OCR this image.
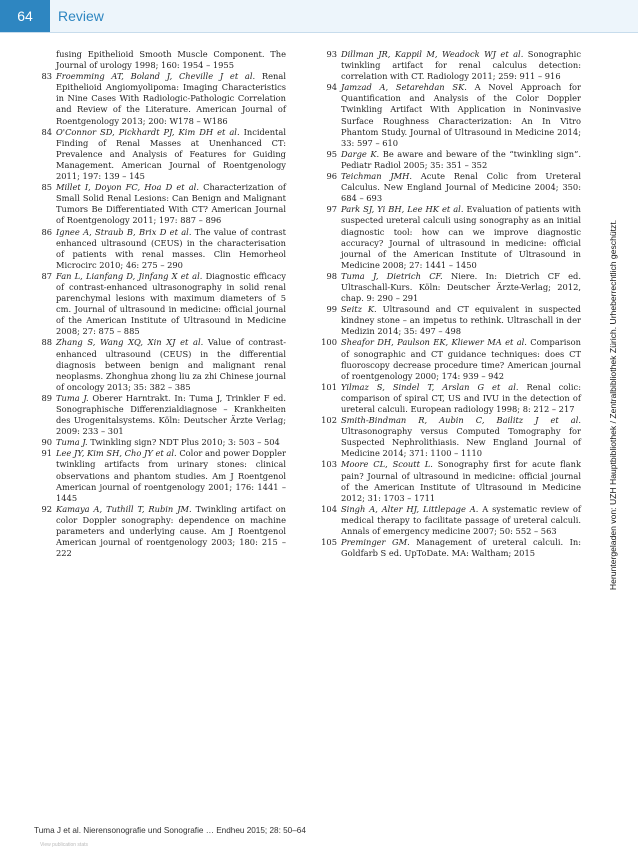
64	Review

fusing Epithelioid Smooth Muscle Component. The Journal of urology 1998; 160: 1954 – 1955

83 Froemming AT, Boland J, Cheville J et al. Renal Epithelioid Angiomyolipoma: Imaging Characteristics in Nine Cases With Radiologic-Pathologic Correlation and Review of the Literature. American Journal of Roentgenology 2013; 200: W178 – W186

84 O'Connor SD, Pickhardt PJ, Kim DH et al. Incidental Finding of Renal Masses at Unenhanced CT: Prevalence and Analysis of Features for Guiding Management. American Journal of Roentgenology 2011; 197: 139 – 145

85 Millet I, Doyon FC, Hoa D et al. Characterization of Small Solid Renal Lesions: Can Benign and Malignant Tumors Be Differentiated With CT? American Journal of Roentgenology 2011; 197: 887 – 896

86 Ignee A, Straub B, Brix D et al. The value of contrast enhanced ultrasound (CEUS) in the characterisation of patients with renal masses. Clin Hemorheol Microcirc 2010; 46: 275 – 290

87 Fan L, Lianfang D, Jinfang X et al. Diagnostic efficacy of contrast-enhanced ultrasonography in solid renal parenchymal lesions with maximum diameters of 5 cm. Journal of ultrasound in medicine: official journal of the American Institute of Ultrasound in Medicine 2008; 27: 875 – 885

88 Zhang S, Wang XQ, Xin XJ et al. Value of contrast-enhanced ultrasound (CEUS) in the differential diagnosis between benign and malignant renal neoplasms. Zhonghua zhong liu za zhi Chinese journal of oncology 2013; 35: 382 – 385

89 Tuma J. Oberer Harntrakt. In: Tuma J, Trinkler F ed. Sonographische Differenzialdiagnose – Krankheiten des Urogenitalsystems. Köln: Deutscher Ärzte Verlag; 2009: 233 – 301

90 Tuma J. Twinkling sign? NDT Plus 2010; 3: 503 – 504

91 Lee JY, Kim SH, Cho JY et al. Color and power Doppler twinkling artifacts from urinary stones: clinical observations and phantom studies. Am J Roentgenol American journal of roentgenology 2001; 176: 1441 – 1445

92 Kamaya A, Tuthill T, Rubin JM. Twinkling artifact on color Doppler sonography: dependence on machine parameters and underlying cause. Am J Roentgenol American journal of roentgenology 2003; 180: 215 – 222

93 Dillman JR, Kappil M, Weadock WJ et al. Sonographic twinkling artifact for renal calculus detection: correlation with CT. Radiology 2011; 259: 911 – 916

94 Jamzad A, Setarehdan SK. A Novel Approach for Quantification and Analysis of the Color Doppler Twinkling Artifact With Application in Noninvasive Surface Roughness Characterization: An In Vitro Phantom Study. Journal of Ultrasound in Medicine 2014; 33: 597 – 610

95 Darge K. Be aware and beware of the “twinkling sign”. Pediatr Radiol 2005; 35: 351 – 352

96 Teichman JMH. Acute Renal Colic from Ureteral Calculus. New England Journal of Medicine 2004; 350: 684 – 693

97 Park SJ, Yi BH, Lee HK et al. Evaluation of patients with suspected ureteral calculi using sonography as an initial diagnostic tool: how can we improve diagnostic accuracy? Journal of ultrasound in medicine: official journal of the American Institute of Ultrasound in Medicine 2008; 27: 1441 – 1450

98 Tuma J, Dietrich CF. Niere. In: Dietrich CF ed. Ultraschall-Kurs. Köln: Deutscher Ärzte-Verlag; 2012, chap. 9: 290 – 291

99 Seitz K. Ultrasound and CT equivalent in suspected kindney stone – an impetus to rethink. Ultraschall in der Medizin 2014; 35: 497 – 498

100 Sheafor DH, Paulson EK, Kliewer MA et al. Comparison of sonographic and CT guidance techniques: does CT fluoroscopy decrease procedure time? American journal of roentgenology 2000; 174: 939 – 942

101 Yilmaz S, Sindel T, Arslan G et al. Renal colic: comparison of spiral CT, US and IVU in the detection of ureteral calculi. European radiology 1998; 8: 212 – 217

102 Smith-Bindman R, Aubin C, Bailitz J et al. Ultrasonography versus Computed Tomography for Suspected Nephrolithiasis. New England Journal of Medicine 2014; 371: 1100 – 1110

103 Moore CL, Scoutt L. Sonography first for acute flank pain? Journal of ultrasound in medicine: official journal of the American Institute of Ultrasound in Medicine 2012; 31: 1703 – 1711

104 Singh A, Alter HJ, Littlepage A. A systematic review of medical therapy to facilitate passage of ureteral calculi. Annals of emergency medicine 2007; 50: 552 – 563

105 Preminger GM. Management of ureteral calculi. In: Goldfarb S ed. UpToDate. MA: Waltham; 2015	Heruntergeladen von: UZH Hauptbibliothek / Zentralbibliothek Zürich. Urheberrechtlich geschützt.
Tuma J et al. Nierensonografie und Sonografie … Endheu 2015; 28: 50–64
View publication stats
